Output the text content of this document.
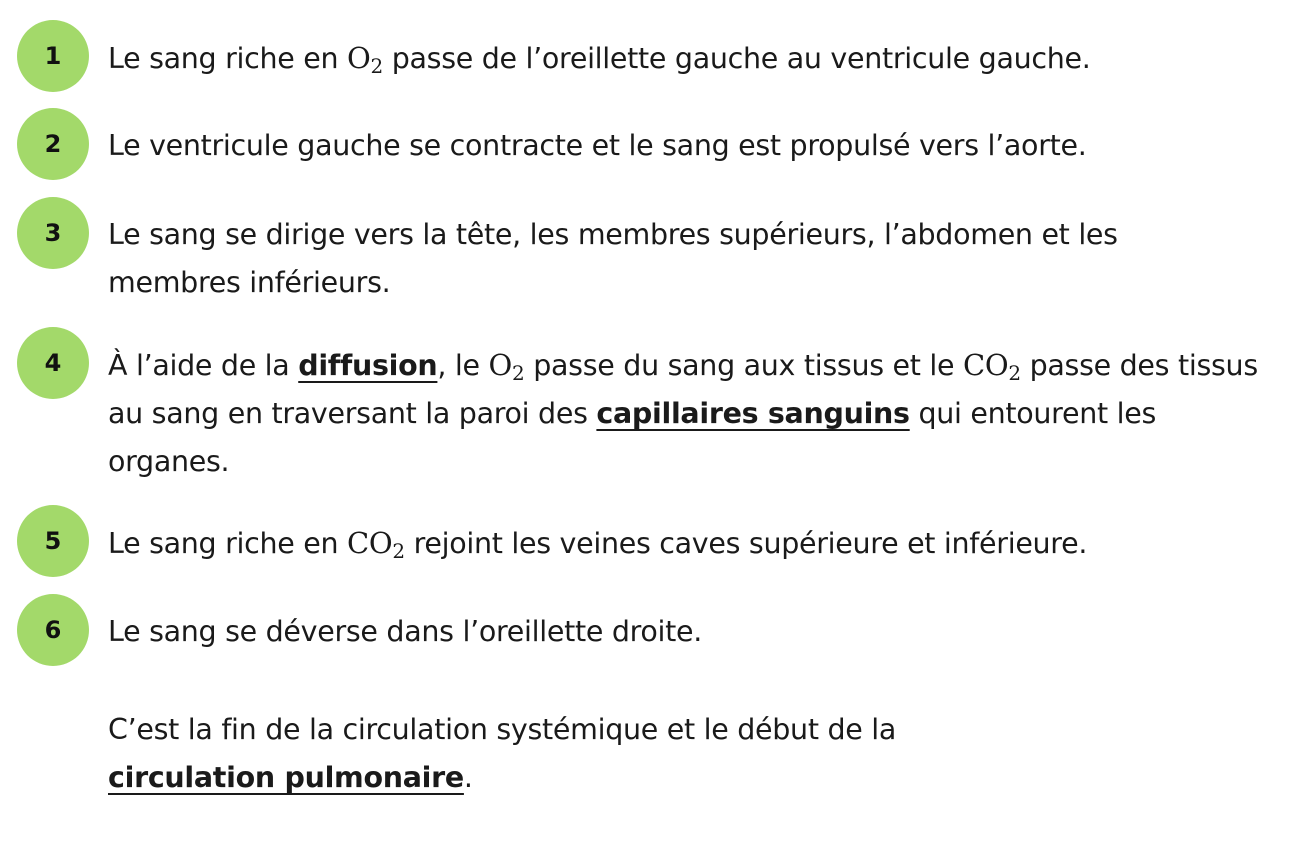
1	Le sang riche en $O_2$ passe de l’oreillette gauche au ventricule gauche.
2	Le ventricule gauche se contracte et le sang est propulsé vers l’aorte.
3	Le sang se dirige vers la tête, les membres supérieurs, l’abdomen et les membres inférieurs.
4	À l’aide de la diffusion, le $O_2$ passe du sang aux tissus et le $CO_2$ passe des tissus au sang en traversant la paroi des capillaires sanguins qui entourent les organes.
5	Le sang riche en $CO_2$ rejoint les veines caves supérieure et inférieure.
6	Le sang se déverse dans l’oreillette droite.
C’est la fin de la circulation systémique et le début de la circulation pulmonaire.
